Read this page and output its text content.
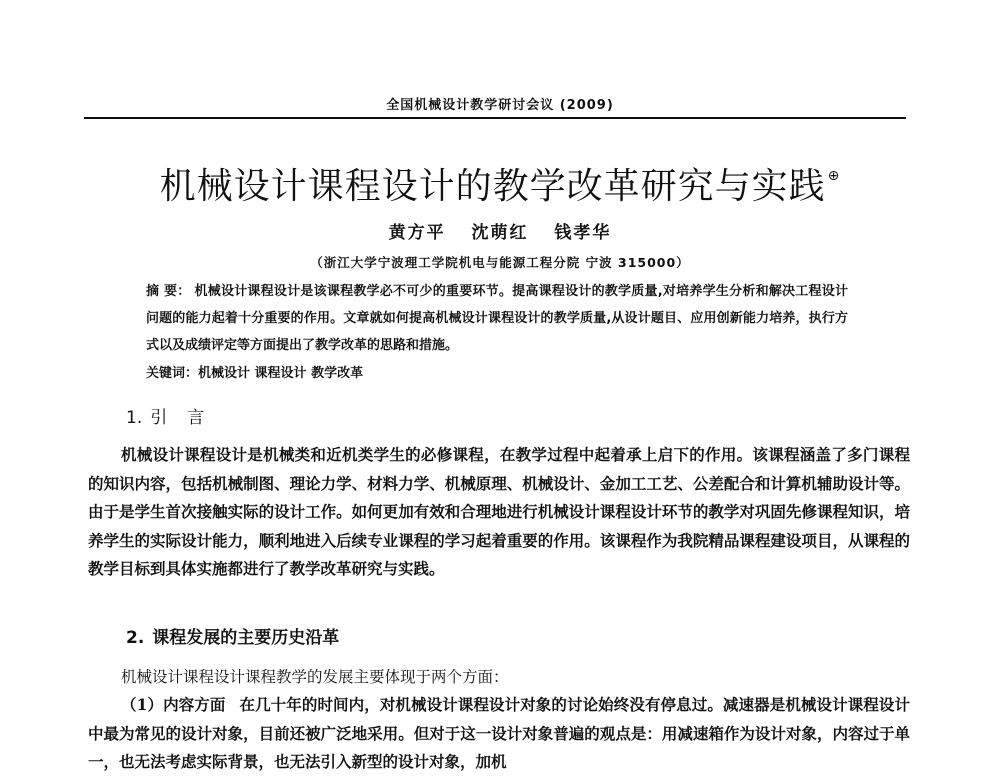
全国机械设计教学研讨会议 (2009)
机械设计课程设计的教学改革研究与实践 ⊕
黄方平 沈萌红 钱孝华
（浙江大学宁波理工学院机电与能源工程分院 宁波 315000）
摘 要： 机械设计课程设计是该课程教学必不可少的重要环节。提高课程设计的教学质量,对培养学生分析和解决工程设计问题的能力起着十分重要的作用。文章就如何提高机械设计课程设计的教学质量,从设计题目、应用创新能力培养，执行方式以及成绩评定等方面提出了教学改革的思路和措施。
关键词：机械设计 课程设计 教学改革
1. 引言
机械设计课程设计是机械类和近机类学生的必修课程，在教学过程中起着承上启下的作用。该课程涵盖了多门课程的知识内容，包括机械制图、理论力学、材料力学、机械原理、机械设计、金加工工艺、公差配合和计算机辅助设计等。由于是学生首次接触实际的设计工作。如何更加有效和合理地进行机械设计课程设计环节的教学对巩固先修课程知识，培养学生的实际设计能力，顺利地进入后续专业课程的学习起着重要的作用。该课程作为我院精品课程建设项目，从课程的教学目标到具体实施都进行了教学改革研究与实践。
2. 课程发展的主要历史沿革
机械设计课程设计课程教学的发展主要体现于两个方面：
（1）内容方面 在几十年的时间内，对机械设计课程设计对象的讨论始终没有停息过。减速器是机械设计课程设计中最为常见的设计对象，目前还被广泛地采用。但对于这一设计对象普遍的观点是：用减速箱作为设计对象，内容过于单一，也无法考虑实际背景，也无法引入新型的设计对象，加机
